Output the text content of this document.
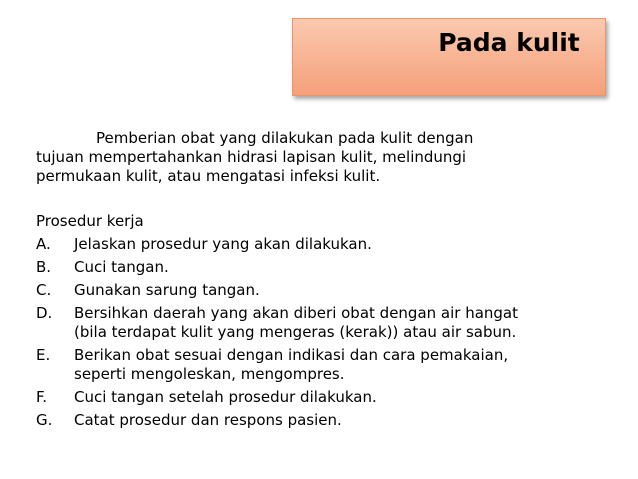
Pada kulit
Pemberian obat yang dilakukan pada kulit dengan
tujuan mempertahankan hidrasi lapisan kulit, melindungi
permukaan kulit, atau mengatasi infeksi kulit.
Prosedur kerja
A.	Jelaskan prosedur yang akan dilakukan.
B.	Cuci tangan.
C.	Gunakan sarung tangan.
D.	Bersihkan daerah yang akan diberi obat dengan air hangat
(bila terdapat kulit yang mengeras (kerak)) atau air sabun.
E.	Berikan obat sesuai dengan indikasi dan cara pemakaian,
seperti mengoleskan, mengompres.
F.	Cuci tangan setelah prosedur dilakukan.
G.	Catat prosedur dan respons pasien.
